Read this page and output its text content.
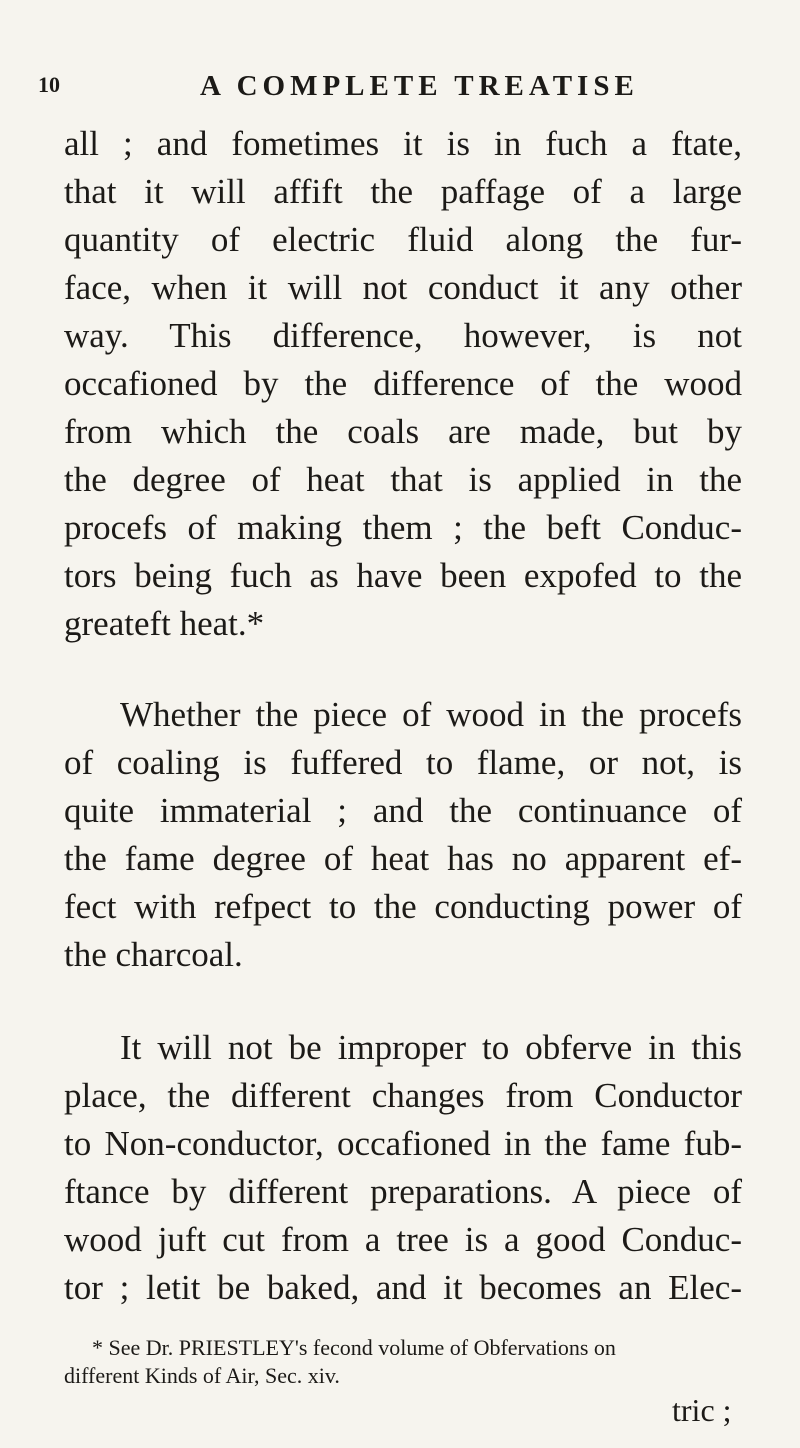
10	A COMPLETE TREATISE
all ; and fometimes it is in fuch a ftate,
that it will affift the paffage of a large
quantity of electric fluid along the fur-
face, when it will not conduct it any other
way. This difference, however, is not
occafioned by the difference of the wood
from which the coals are made, but by
the degree of heat that is applied in the
procefs of making them ; the beft Conduc-
tors being fuch as have been expofed to the
greateft heat.*
Whether the piece of wood in the procefs
of coaling is fuffered to flame, or not, is
quite immaterial ; and the continuance of
the fame degree of heat has no apparent ef-
fect with refpect to the conducting power of
the charcoal.
It will not be improper to obferve in this
place, the different changes from Conductor
to Non-conductor, occafioned in the fame fub-
ftance by different preparations. A piece of
wood juft cut from a tree is a good Conduc-
tor ; letit be baked, and it becomes an Elec-
* See Dr. PRIESTLEY's fecond volume of Obfervations on
different Kinds of Air, Sec. xiv.
tric ;
